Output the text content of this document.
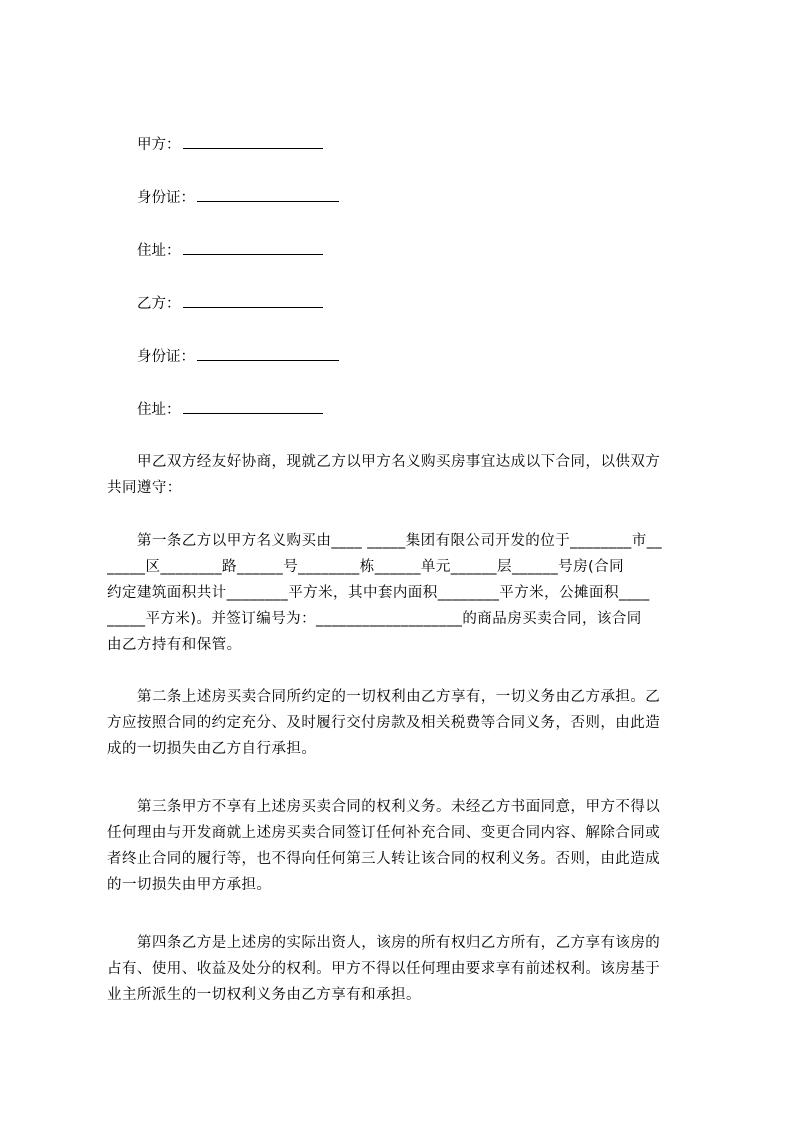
甲方：
身份证：
住址：
乙方：
身份证：
住址：
甲乙双方经友好协商，现就乙方以甲方名义购买房事宜达成以下合同，以供双方
共同遵守：
第一条乙方以甲方名义购买由____ _____集团有限公司开发的位于________市__
_____区________路______号________栋______单元______层______号房(合同
约定建筑面积共计________平方米，其中套内面积________平方米，公摊面积____
_____平方米)。并签订编号为：___________________的商品房买卖合同，该合同
由乙方持有和保管。
第二条上述房买卖合同所约定的一切权利由乙方享有，一切义务由乙方承担。乙
方应按照合同的约定充分、及时履行交付房款及相关税费等合同义务，否则，由此造
成的一切损失由乙方自行承担。
第三条甲方不享有上述房买卖合同的权利义务。未经乙方书面同意，甲方不得以
任何理由与开发商就上述房买卖合同签订任何补充合同、变更合同内容、解除合同或
者终止合同的履行等，也不得向任何第三人转让该合同的权利义务。否则，由此造成
的一切损失由甲方承担。
第四条乙方是上述房的实际出资人，该房的所有权归乙方所有，乙方享有该房的
占有、使用、收益及处分的权利。甲方不得以任何理由要求享有前述权利。该房基于
业主所派生的一切权利义务由乙方享有和承担。
